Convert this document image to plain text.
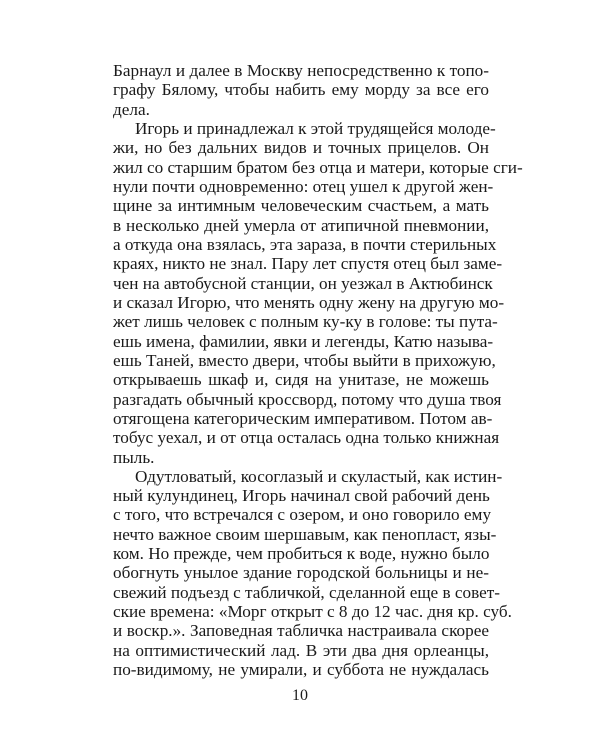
Барнаул и далее в Москву непосредственно к топо-
графу Бялому, чтобы набить ему морду за все его
дела.
Игорь и принадлежал к этой трудящейся молоде-
жи, но без дальних видов и точных прицелов. Он
жил со старшим братом без отца и матери, которые сги-
нули почти одновременно: отец ушел к другой жен-
щине за интимным человеческим счастьем, а мать
в несколько дней умерла от атипичной пневмонии,
а откуда она взялась, эта зараза, в почти стерильных
краях, никто не знал. Пару лет спустя отец был заме-
чен на автобусной станции, он уезжал в Актюбинск
и сказал Игорю, что менять одну жену на другую мо-
жет лишь человек с полным ку-ку в голове: ты путa-
ешь имена, фамилии, явки и легенды, Катю называ-
ешь Таней, вместо двери, чтобы выйти в прихожую,
открываешь шкаф и, сидя на унитазе, не можешь
разгадать обычный кроссворд, потому что душа твоя
отягощена категорическим императивом. Потом ав-
тобус уехал, и от отца осталась одна только книжная
пыль.
Одутловатый, косоглазый и скуластый, как истин-
ный кулундинец, Игорь начинал свой рабочий день
с того, что встречался с озером, и оно говорило ему
нечто важное своим шершавым, как пенопласт, язы-
ком. Но прежде, чем пробиться к воде, нужно было
обогнуть унылое здание городской больницы и не-
свежий подъезд с табличкой, сделанной еще в совет-
ские времена: «Морг открыт с 8 до 12 час. дня кр. суб.
и воскр.». Заповедная табличка настраивала скорее
на оптимистический лад. В эти два дня орлеанцы,
по-видимому, не умирали, и суббота не нуждалась
10
